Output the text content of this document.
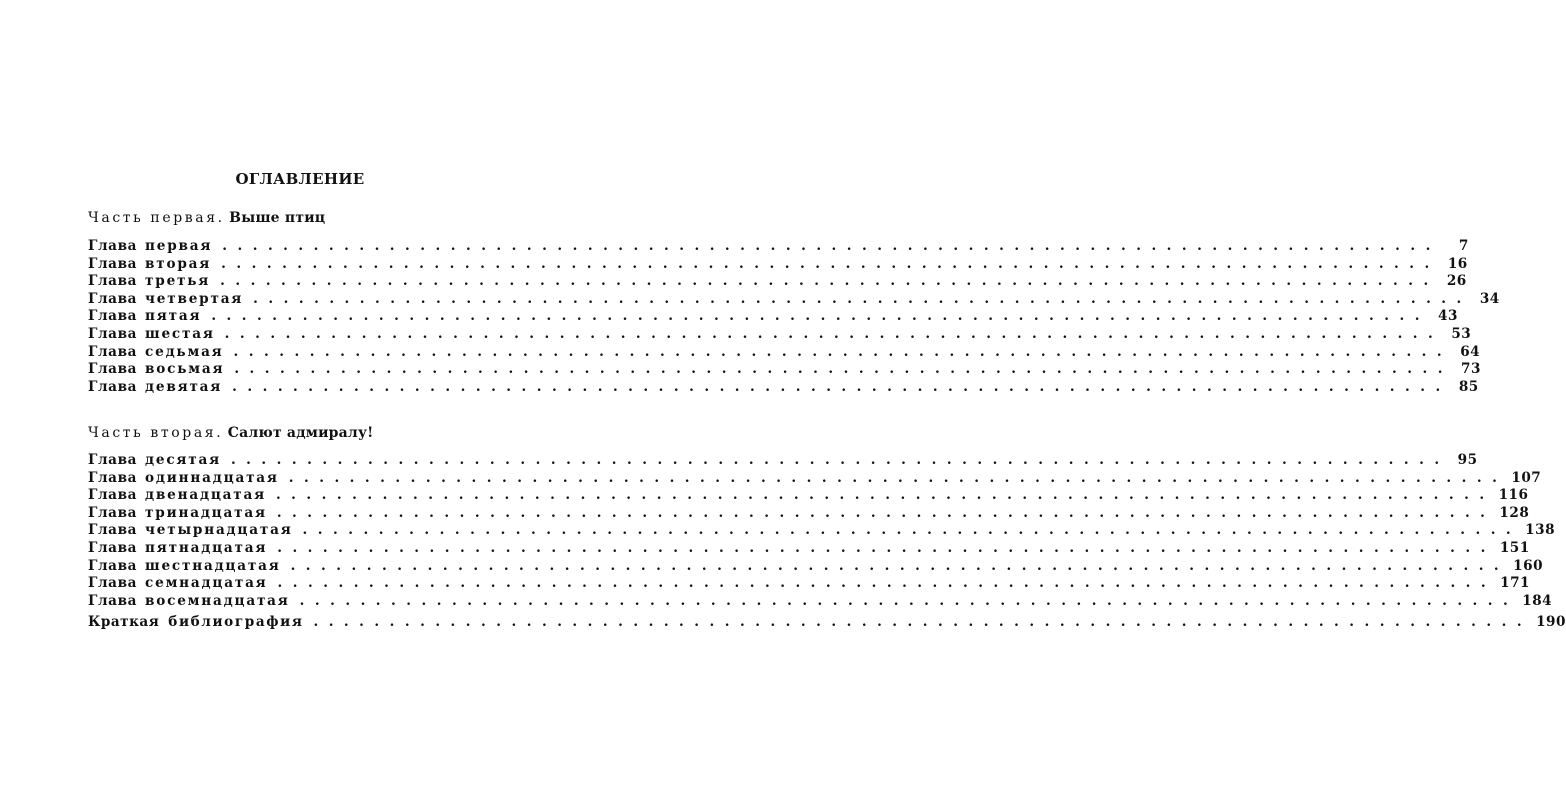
ОГЛАВЛЕНИЕ
Часть первая. Выше птиц
Глава первая ................................................................................	7
Глава вторая ................................................................................ 16
Глава третья ................................................................................ 26
Глава четвертая ................................................................................ 34
Глава пятая ................................................................................ 43
Глава шестая ................................................................................ 53
Глава седьмая ................................................................................ 64
Глава восьмая ................................................................................ 73
Глава девятая ................................................................................ 85
Часть вторая. Салют адмиралу!
Глава десятая ................................................................................ 95
Глава одиннадцатая ................................................................................ 107
Глава двенадцатая ................................................................................ 116
Глава тринадцатая ................................................................................ 128
Глава четырнадцатая ................................................................................ 138
Глава пятнадцатая ................................................................................ 151
Глава шестнадцатая ................................................................................ 160
Глава семнадцатая ................................................................................ 171
Глава восемнадцатая ................................................................................ 184
Краткая библиография ................................................................................ 190
